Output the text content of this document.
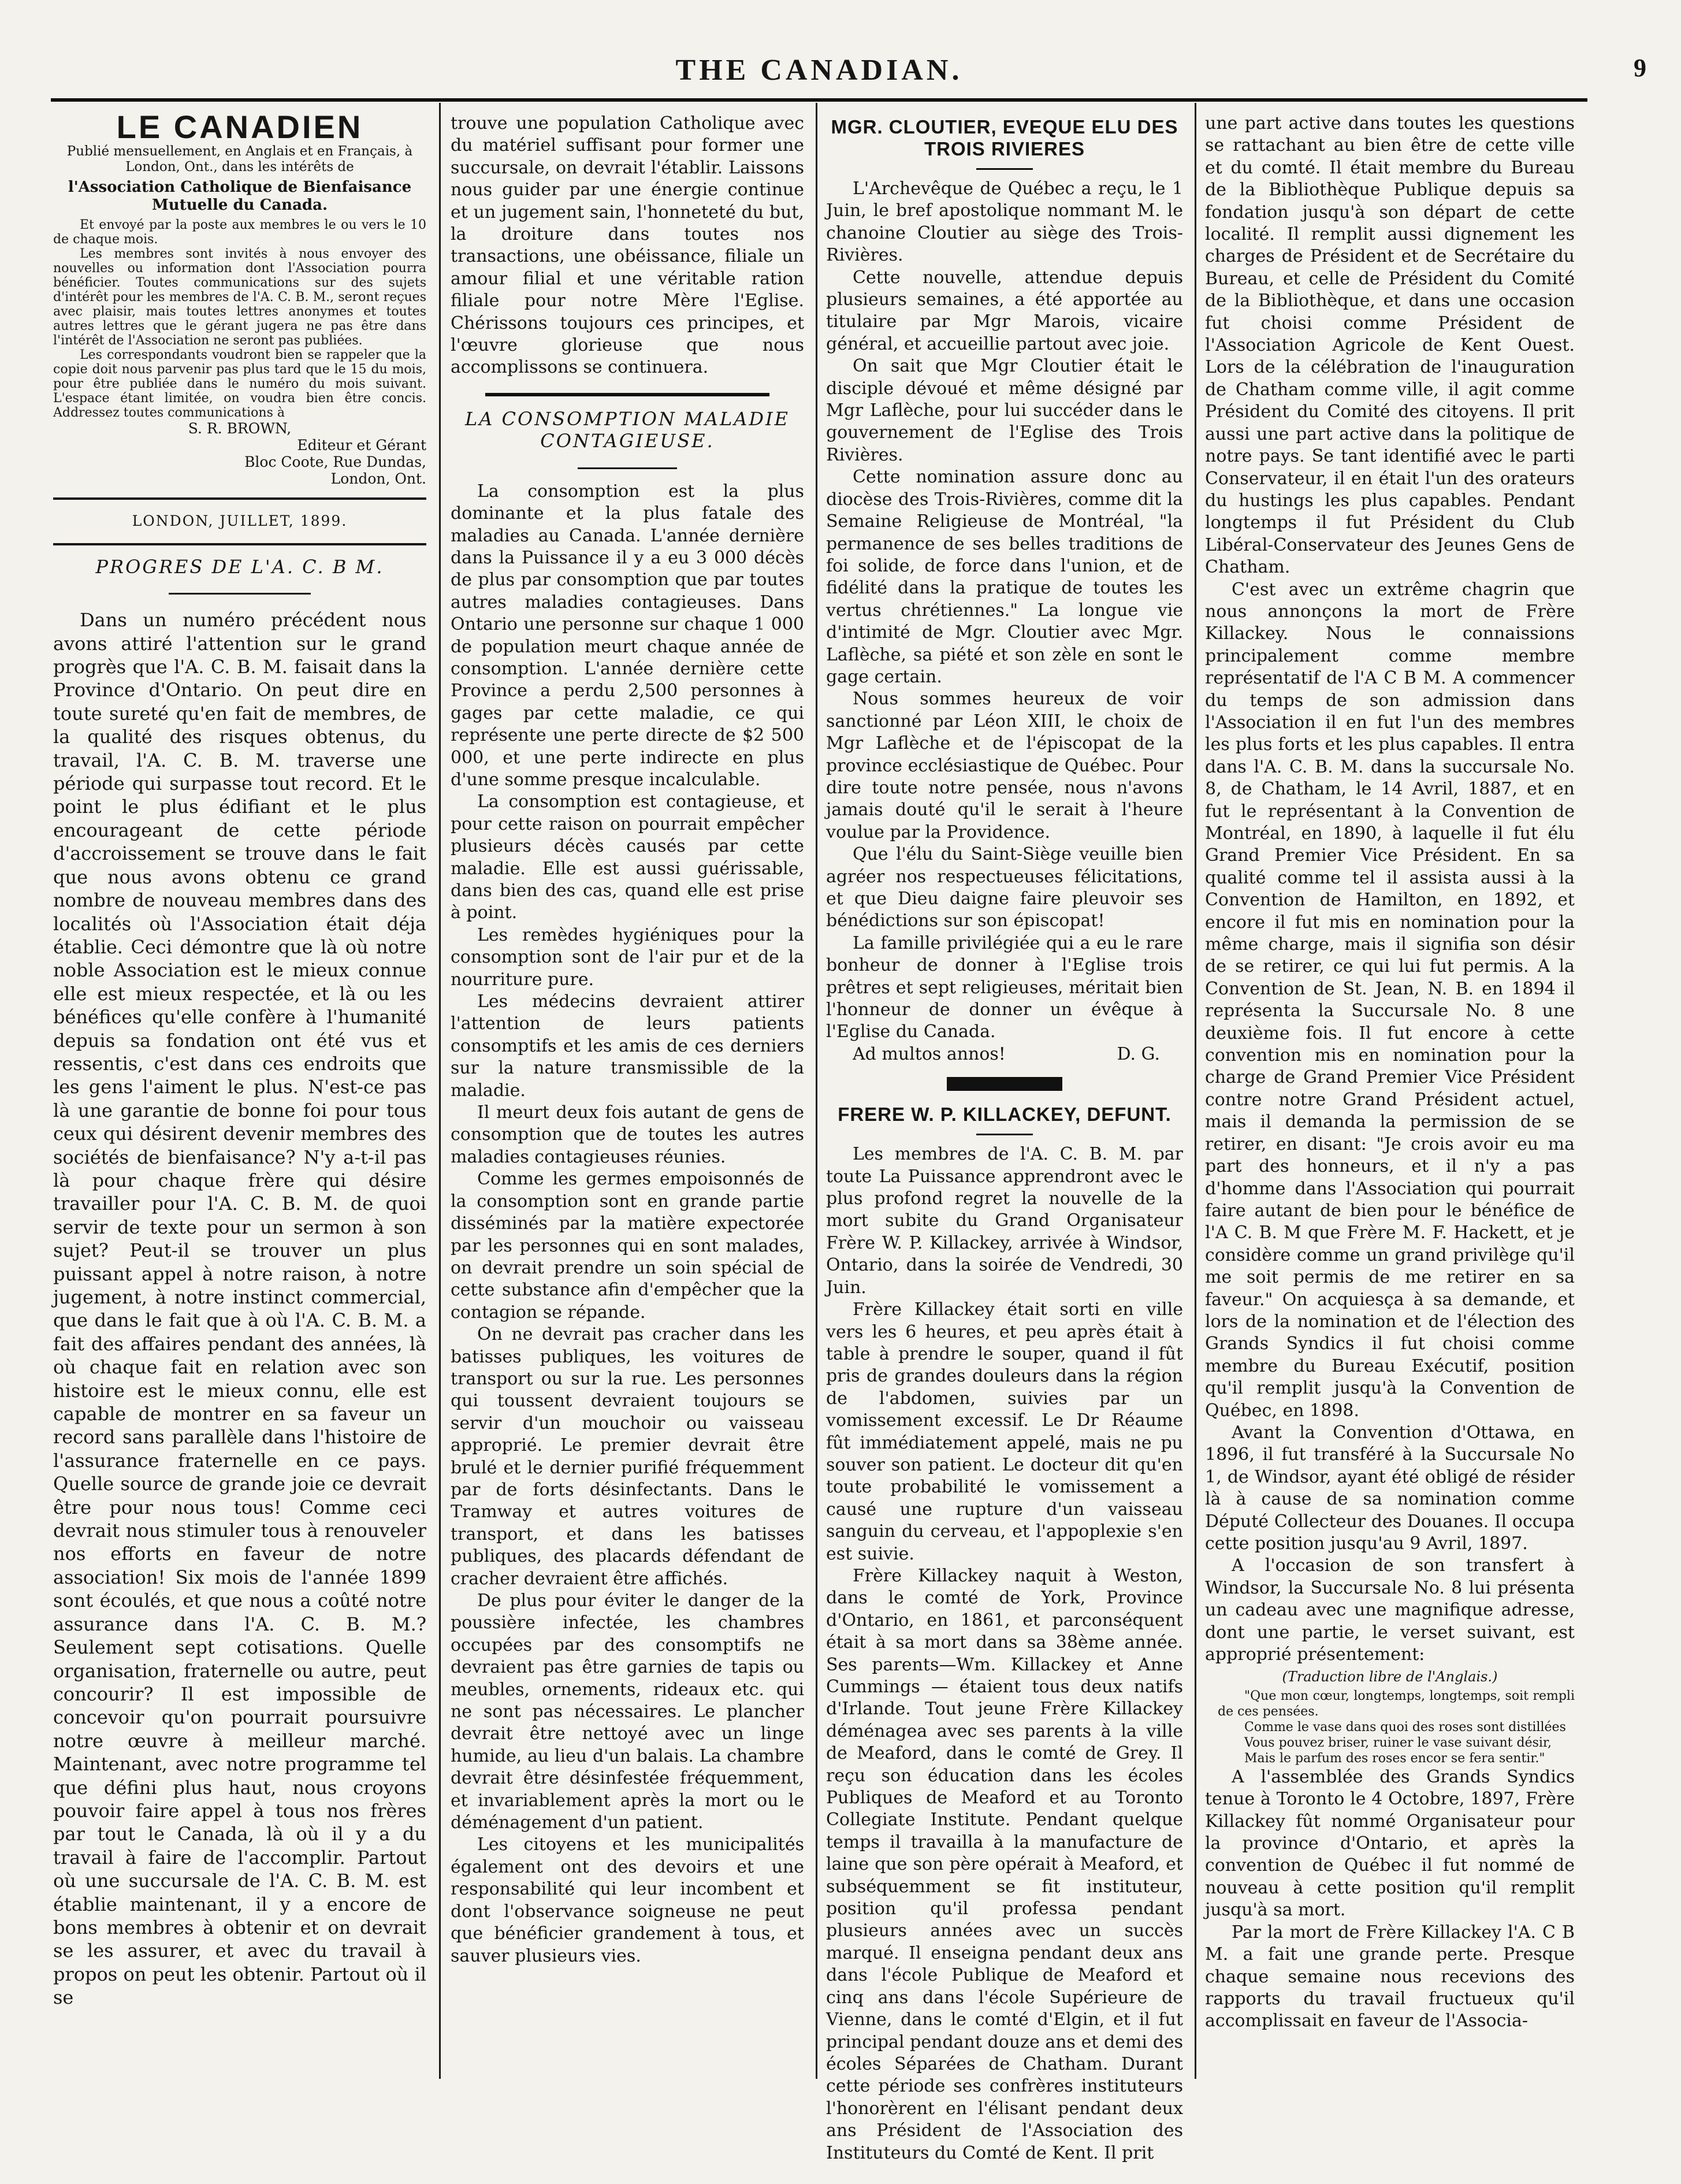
THE CANADIAN.	9
LE CANADIEN
Publié mensuellement, en Anglais et en Français, à London, Ont., dans les intérêts de
l'Association Catholique de Bienfaisance Mutuelle du Canada.

Et envoyé par la poste aux membres le ou vers le 10 de chaque mois.

Les membres sont invités à nous envoyer des nouvelles ou information dont l'Association pourra bénéficier. Toutes communications sur des sujets d'intérêt pour les membres de l'A. C. B. M., seront reçues avec plaisir, mais toutes lettres anonymes et toutes autres lettres que le gérant jugera ne pas être dans l'intérêt de l'Association ne seront pas publiées.

Les correspondants voudront bien se rappeler que la copie doit nous parvenir pas plus tard que le 15 du mois, pour être publiée dans le numéro du mois suivant. L'espace étant limitée, on voudra bien être concis. Addressez toutes communications à

S. R. BROWN,
Editeur et Gérant
Bloc Coote, Rue Dundas,
London, Ont.
LONDON, JUILLET, 1899.
PROGRES DE L'A. C. B M.

Dans un numéro précédent nous avons attiré l'attention sur le grand progrès que l'A. C. B. M. faisait dans la Province d'Ontario. On peut dire en toute sureté qu'en fait de membres, de la qualité des risques obtenus, du travail, l'A. C. B. M. traverse une période qui surpasse tout record. Et le point le plus édifiant et le plus encourageant de cette période d'accroissement se trouve dans le fait que nous avons obtenu ce grand nombre de nouveau membres dans des localités où l'Association était déja établie. Ceci démontre que là où notre noble Association est le mieux connue elle est mieux respectée, et là ou les bénéfices qu'elle confère à l'humanité depuis sa fondation ont été vus et ressentis, c'est dans ces endroits que les gens l'aiment le plus. N'est-ce pas là une garantie de bonne foi pour tous ceux qui désirent devenir membres des sociétés de bienfaisance? N'y a-t-il pas là pour chaque frère qui désire travailler pour l'A. C. B. M. de quoi servir de texte pour un sermon à son sujet? Peut-il se trouver un plus puissant appel à notre raison, à notre jugement, à notre instinct commercial, que dans le fait que à où l'A. C. B. M. a fait des affaires pendant des années, là où chaque fait en relation avec son histoire est le mieux connu, elle est capable de montrer en sa faveur un record sans parallèle dans l'histoire de l'assurance fraternelle en ce pays. Quelle source de grande joie ce devrait être pour nous tous! Comme ceci devrait nous stimuler tous à renouveler nos efforts en faveur de notre association! Six mois de l'année 1899 sont écoulés, et que nous a coûté notre assurance dans l'A. C. B. M.? Seulement sept cotisations. Quelle organisation, fraternelle ou autre, peut concourir? Il est impossible de concevoir qu'on pourrait poursuivre notre œuvre à meilleur marché. Maintenant, avec notre programme tel que défini plus haut, nous croyons pouvoir faire appel à tous nos frères par tout le Canada, là où il y a du travail à faire de l'accomplir. Partout où une succursale de l'A. C. B. M. est établie maintenant, il y a encore de bons membres à obtenir et on devrait se les assurer, et avec du travail à propos on peut les obtenir. Partout où il se

trouve une population Catholique avec du matériel suffisant pour former une succursale, on devrait l'établir. Laissons nous guider par une énergie continue et un jugement sain, l'honneteté du but, la droiture dans toutes nos transactions, une obéissance, filiale un amour filial et une véritable ration filiale pour notre Mère l'Eglise. Chérissons toujours ces principes, et l'œuvre glorieuse que nous accomplissons se continuera.

LA CONSOMPTION MALADIE CONTAGIEUSE.

La consomption est la plus dominante et la plus fatale des maladies au Canada. L'année dernière dans la Puissance il y a eu 3 000 décès de plus par consomption que par toutes autres maladies contagieuses. Dans Ontario une personne sur chaque 1 000 de population meurt chaque année de consomption. L'année dernière cette Province a perdu 2,500 personnes à gages par cette maladie, ce qui représente une perte directe de $2 500 000, et une perte indirecte en plus d'une somme presque incalculable.

La consomption est contagieuse, et pour cette raison on pourrait empêcher plusieurs décès causés par cette maladie. Elle est aussi guérissable, dans bien des cas, quand elle est prise à point.

Les remèdes hygiéniques pour la consomption sont de l'air pur et de la nourriture pure.

Les médecins devraient attirer l'attention de leurs patients consomptifs et les amis de ces derniers sur la nature transmissible de la maladie.

Il meurt deux fois autant de gens de consomption que de toutes les autres maladies contagieuses réunies.

Comme les germes empoisonnés de la consomption sont en grande partie disséminés par la matière expectorée par les personnes qui en sont malades, on devrait prendre un soin spécial de cette substance afin d'empêcher que la contagion se répande.

On ne devrait pas cracher dans les batisses publiques, les voitures de transport ou sur la rue. Les personnes qui toussent devraient toujours se servir d'un mouchoir ou vaisseau approprié. Le premier devrait être brulé et le dernier purifié fréquemment par de forts désinfectants. Dans le Tramway et autres voitures de transport, et dans les batisses publiques, des placards défendant de cracher devraient être affichés.

De plus pour éviter le danger de la poussière infectée, les chambres occupées par des consomptifs ne devraient pas être garnies de tapis ou meubles, ornements, rideaux etc. qui ne sont pas nécessaires. Le plancher devrait être nettoyé avec un linge humide, au lieu d'un balais. La chambre devrait être désinfestée fréquemment, et invariablement après la mort ou le déménagement d'un patient.

Les citoyens et les municipalités également ont des devoirs et une responsabilité qui leur incombent et dont l'observance soigneuse ne peut que bénéficier grandement à tous, et sauver plusieurs vies.

MGR. CLOUTIER, EVEQUE ELU DES TROIS RIVIERES

L'Archevêque de Québec a reçu, le 1 Juin, le bref apostolique nommant M. le chanoine Cloutier au siège des Trois-Rivières.

Cette nouvelle, attendue depuis plusieurs semaines, a été apportée au titulaire par Mgr Marois, vicaire général, et accueillie partout avec joie.

On sait que Mgr Cloutier était le disciple dévoué et même désigné par Mgr Laflèche, pour lui succéder dans le gouvernement de l'Eglise des Trois Rivières.

Cette nomination assure donc au diocèse des Trois-Rivières, comme dit la Semaine Religieuse de Montréal, "la permanence de ses belles traditions de foi solide, de force dans l'union, et de fidélité dans la pratique de toutes les vertus chrétiennes." La longue vie d'intimité de Mgr. Cloutier avec Mgr. Laflèche, sa piété et son zèle en sont le gage certain.

Nous sommes heureux de voir sanctionné par Léon XIII, le choix de Mgr Laflèche et de l'épiscopat de la province ecclésiastique de Québec. Pour dire toute notre pensée, nous n'avons jamais douté qu'il le serait à l'heure voulue par la Providence.

Que l'élu du Saint-Siège veuille bien agréer nos respectueuses félicitations, et que Dieu daigne faire pleuvoir ses bénédictions sur son épiscopat!

La famille privilégiée qui a eu le rare bonheur de donner à l'Eglise trois prêtres et sept religieuses, méritait bien l'honneur de donner un évêque à l'Eglise du Canada.

Ad multos annos!	D. G.

FRERE W. P. KILLACKEY, DEFUNT.

Les membres de l'A. C. B. M. par toute La Puissance apprendront avec le plus profond regret la nouvelle de la mort subite du Grand Organisateur Frère W. P. Killackey, arrivée à Windsor, Ontario, dans la soirée de Vendredi, 30 Juin.

Frère Killackey était sorti en ville vers les 6 heures, et peu après était à table à prendre le souper, quand il fût pris de grandes douleurs dans la région de l'abdomen, suivies par un vomissement excessif. Le Dr Réaume fût immédiatement appelé, mais ne pu souver son patient. Le docteur dit qu'en toute probabilité le vomissement a causé une rupture d'un vaisseau sanguin du cerveau, et l'appoplexie s'en est suivie.

Frère Killackey naquit à Weston, dans le comté de York, Province d'Ontario, en 1861, et parconséquent était à sa mort dans sa 38ème année. Ses parents—Wm. Killackey et Anne Cummings — étaient tous deux natifs d'Irlande. Tout jeune Frère Killackey déménagea avec ses parents à la ville de Meaford, dans le comté de Grey. Il reçu son éducation dans les écoles Publiques de Meaford et au Toronto Collegiate Institute. Pendant quelque temps il travailla à la manufacture de laine que son père opérait à Meaford, et subséquemment se fit instituteur, position qu'il professa pendant plusieurs années avec un succès marqué. Il enseigna pendant deux ans dans l'école Publique de Meaford et cinq ans dans l'école Supérieure de Vienne, dans le comté d'Elgin, et il fut principal pendant douze ans et demi des écoles Séparées de Chatham. Durant cette période ses confrères instituteurs l'honorèrent en l'élisant pendant deux ans Président de l'Association des Instituteurs du Comté de Kent. Il prit

une part active dans toutes les questions se rattachant au bien être de cette ville et du comté. Il était membre du Bureau de la Bibliothèque Publique depuis sa fondation jusqu'à son départ de cette localité. Il remplit aussi dignement les charges de Président et de Secrétaire du Bureau, et celle de Président du Comité de la Bibliothèque, et dans une occasion fut choisi comme Président de l'Association Agricole de Kent Ouest. Lors de la célébration de l'inauguration de Chatham comme ville, il agit comme Président du Comité des citoyens. Il prit aussi une part active dans la politique de notre pays. Se tant identifié avec le parti Conservateur, il en était l'un des orateurs du hustings les plus capables. Pendant longtemps il fut Président du Club Libéral-Conservateur des Jeunes Gens de Chatham.

C'est avec un extrême chagrin que nous annonçons la mort de Frère Killackey. Nous le connaissions principalement comme membre représentatif de l'A C B M. A commencer du temps de son admission dans l'Association il en fut l'un des membres les plus forts et les plus capables. Il entra dans l'A. C. B. M. dans la succursale No. 8, de Chatham, le 14 Avril, 1887, et en fut le représentant à la Convention de Montréal, en 1890, à laquelle il fut élu Grand Premier Vice Président. En sa qualité comme tel il assista aussi à la Convention de Hamilton, en 1892, et encore il fut mis en nomination pour la même charge, mais il signifia son désir de se retirer, ce qui lui fut permis. A la Convention de St. Jean, N. B. en 1894 il représenta la Succursale No. 8 une deuxième fois. Il fut encore à cette convention mis en nomination pour la charge de Grand Premier Vice Président contre notre Grand Président actuel, mais il demanda la permission de se retirer, en disant: "Je crois avoir eu ma part des honneurs, et il n'y a pas d'homme dans l'Association qui pourrait faire autant de bien pour le bénéfice de l'A C. B. M que Frère M. F. Hackett, et je considère comme un grand privilège qu'il me soit permis de me retirer en sa faveur." On acquiesça à sa demande, et lors de la nomination et de l'élection des Grands Syndics il fut choisi comme membre du Bureau Exécutif, position qu'il remplit jusqu'à la Convention de Québec, en 1898.

Avant la Convention d'Ottawa, en 1896, il fut transféré à la Succursale No 1, de Windsor, ayant été obligé de résider là à cause de sa nomination comme Député Collecteur des Douanes. Il occupa cette position jusqu'au 9 Avril, 1897.

A l'occasion de son transfert à Windsor, la Succursale No. 8 lui présenta un cadeau avec une magnifique adresse, dont une partie, le verset suivant, est approprié présentement:

(Traduction libre de l'Anglais.)

"Que mon cœur, longtemps, longtemps, soit rempli de ces pensées.

Comme le vase dans quoi des roses sont distillées

Vous pouvez briser, ruiner le vase suivant désir,

Mais le parfum des roses encor se fera sentir."

A l'assemblée des Grands Syndics tenue à Toronto le 4 Octobre, 1897, Frère Killackey fût nommé Organisateur pour la province d'Ontario, et après la convention de Québec il fut nommé de nouveau à cette position qu'il remplit jusqu'à sa mort.

Par la mort de Frère Killackey l'A. C B M. a fait une grande perte. Presque chaque semaine nous recevions des rapports du travail fructueux qu'il accomplissait en faveur de l'Associa-
